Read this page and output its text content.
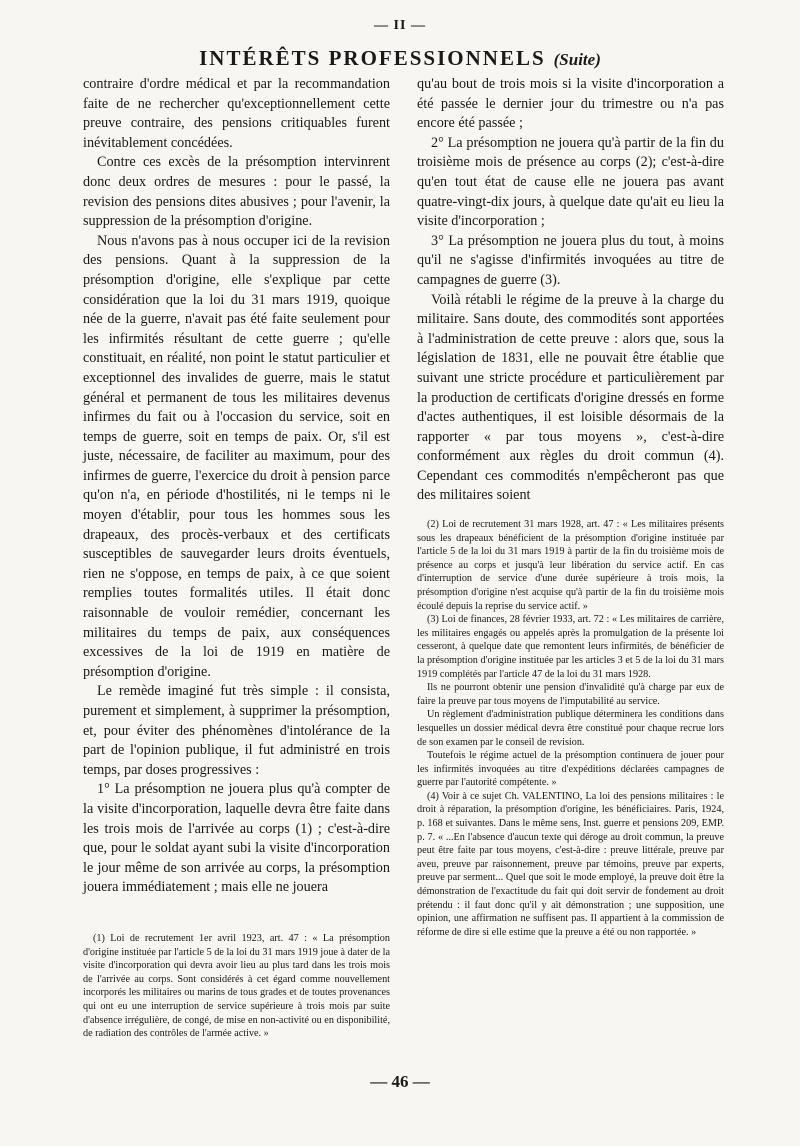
— II —
INTÉRÊTS PROFESSIONNELS (Suite)

contraire d'ordre médical et par la recommandation faite de ne rechercher qu'exceptionnellement cette preuve contraire, des pensions critiquables furent inévitablement concédées.

Contre ces excès de la présomption intervinrent donc deux ordres de mesures : pour le passé, la revision des pensions dites abusives ; pour l'avenir, la suppression de la présomption d'origine.

Nous n'avons pas à nous occuper ici de la revision des pensions. Quant à la suppression de la présomption d'origine, elle s'explique par cette considération que la loi du 31 mars 1919, quoique née de la guerre, n'avait pas été faite seulement pour les infirmités résultant de cette guerre ; qu'elle constituait, en réalité, non point le statut particulier et exceptionnel des invalides de guerre, mais le statut général et permanent de tous les militaires devenus infirmes du fait ou à l'occasion du service, soit en temps de guerre, soit en temps de paix. Or, s'il est juste, nécessaire, de faciliter au maximum, pour des infirmes de guerre, l'exercice du droit à pension parce qu'on n'a, en période d'hostilités, ni le temps ni le moyen d'établir, pour tous les hommes sous les drapeaux, des procès-verbaux et des certificats susceptibles de sauvegarder leurs droits éventuels, rien ne s'oppose, en temps de paix, à ce que soient remplies toutes formalités utiles. Il était donc raisonnable de vouloir remédier, concernant les militaires du temps de paix, aux conséquences excessives de la loi de 1919 en matière de présomption d'origine.

Le remède imaginé fut très simple : il consista, purement et simplement, à supprimer la présomption, et, pour éviter des phénomènes d'intolérance de la part de l'opinion publique, il fut administré en trois temps, par doses progressives :

1° La présomption ne jouera plus qu'à compter de la visite d'incorporation, laquelle devra être faite dans les trois mois de l'arrivée au corps (1) ; c'est-à-dire que, pour le soldat ayant subi la visite d'incorporation le jour même de son arrivée au corps, la présomption jouera immédiatement ; mais elle ne jouera

qu'au bout de trois mois si la visite d'incorporation a été passée le dernier jour du trimestre ou n'a pas encore été passée ;

2° La présomption ne jouera qu'à partir de la fin du troisième mois de présence au corps (2); c'est-à-dire qu'en tout état de cause elle ne jouera pas avant quatre-vingt-dix jours, à quelque date qu'ait eu lieu la visite d'incorporation ;

3° La présomption ne jouera plus du tout, à moins qu'il ne s'agisse d'infirmités invoquées au titre de campagnes de guerre (3).

Voilà rétabli le régime de la preuve à la charge du militaire. Sans doute, des commodités sont apportées à l'administration de cette preuve : alors que, sous la législation de 1831, elle ne pouvait être établie que suivant une stricte procédure et particulièrement par la production de certificats d'origine dressés en forme d'actes authentiques, il est loisible désormais de la rapporter « par tous moyens », c'est-à-dire conformément aux règles du droit commun (4). Cependant ces commodités n'empêcheront pas que des militaires soient

(1) Loi de recrutement 1er avril 1923, art. 47 : « La présomption d'origine instituée par l'article 5 de la loi du 31 mars 1919 joue à dater de la visite d'incorporation qui devra avoir lieu au plus tard dans les trois mois de l'arrivée au corps. Sont considérés à cet égard comme nouvellement incorporés les militaires ou marins de tous grades et de toutes provenances qui ont eu une interruption de service supérieure à trois mois par suite d'absence irrégulière, de congé, de mise en non-activité ou en disponibilité, de radiation des contrôles de l'armée active. »

(2) Loi de recrutement 31 mars 1928, art. 47 : « Les militaires présents sous les drapeaux bénéficient de la présomption d'origine instituée par l'article 5 de la loi du 31 mars 1919 à partir de la fin du troisième mois de présence au corps et jusqu'à leur libération du service actif. En cas d'interruption de service d'une durée supérieure à trois mois, la présomption d'origine n'est acquise qu'à partir de la fin du troisième mois écoulé depuis la reprise du service actif. »

(3) Loi de finances, 28 février 1933, art. 72 : « Les militaires de carrière, les militaires engagés ou appelés après la promulgation de la présente loi cesseront, à quelque date que remontent leurs infirmités, de bénéficier de la présomption d'origine instituée par les articles 3 et 5 de la loi du 31 mars 1919 complétés par l'article 47 de la loi du 31 mars 1928.

Ils ne pourront obtenir une pension d'invalidité qu'à charge par eux de faire la preuve par tous moyens de l'imputabilité au service.

Un règlement d'administration publique déterminera les conditions dans lesquelles un dossier médical devra être constitué pour chaque recrue lors de son examen par le conseil de revision.

Toutefois le régime actuel de la présomption continuera de jouer pour les infirmités invoquées au titre d'expéditions déclarées campagnes de guerre par l'autorité compétente. »

(4) Voir à ce sujet Ch. VALENTINO, La loi des pensions militaires : le droit à réparation, la présomption d'origine, les bénéficiaires. Paris, 1924, p. 168 et suivantes. Dans le même sens, Inst. guerre et pensions 209, EMP. p. 7. « ...En l'absence d'aucun texte qui déroge au droit commun, la preuve peut être faite par tous moyens, c'est-à-dire : preuve littérale, preuve par aveu, preuve par raisonnement, preuve par témoins, preuve par experts, preuve par serment... Quel que soit le mode employé, la preuve doit être la démonstration de l'exactitude du fait qui doit servir de fondement au droit prétendu : il faut donc qu'il y ait démonstration ; une supposition, une opinion, une affirmation ne suffisent pas. Il appartient à la commission de réforme de dire si elle estime que la preuve a été ou non rapportée. »

— 46 —
